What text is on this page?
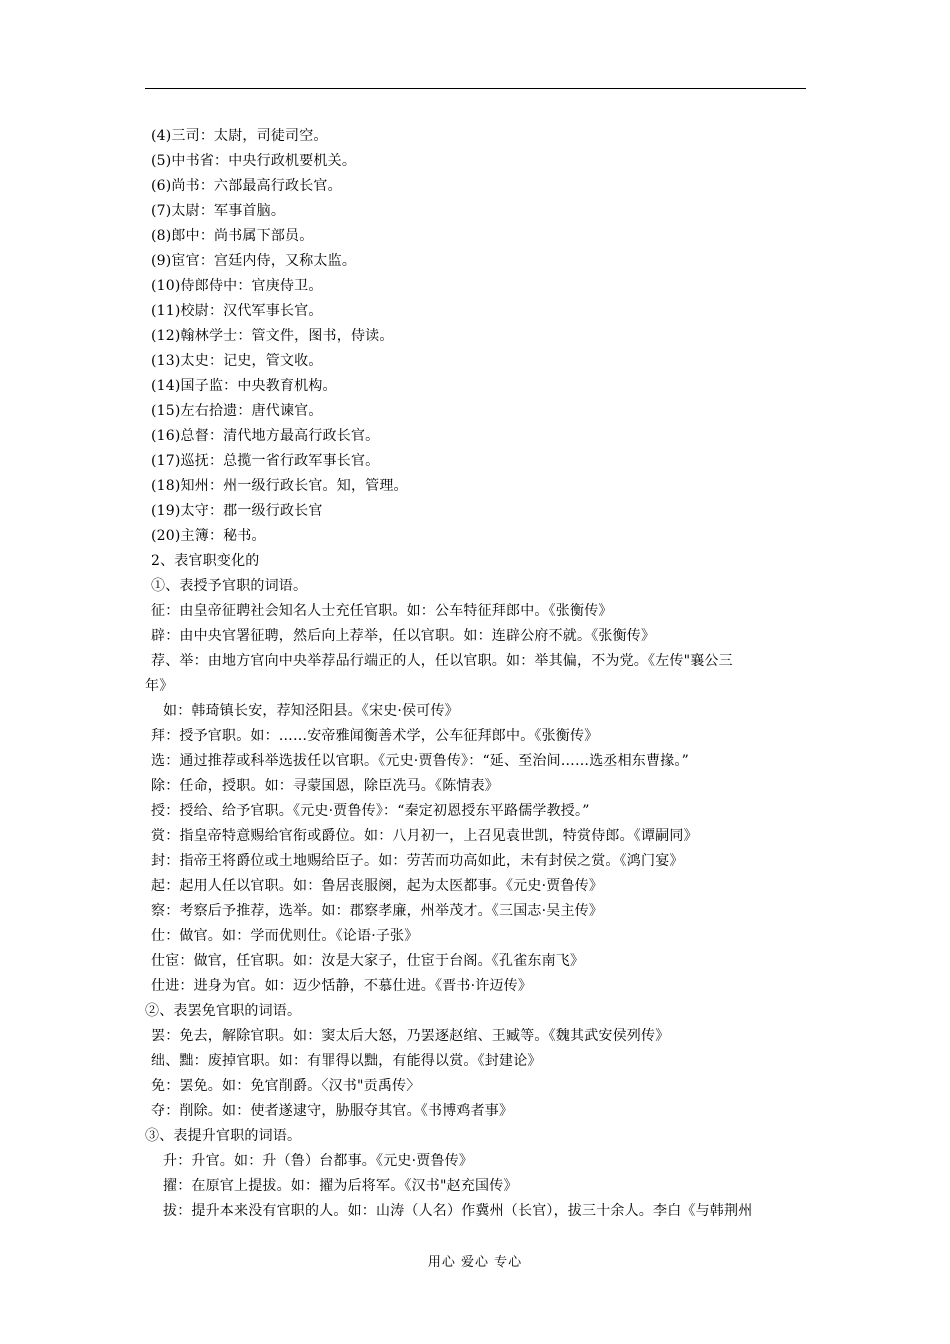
(4)三司：太尉，司徒司空。
(5)中书省：中央行政机要机关。
(6)尚书：六部最高行政长官。
(7)太尉：军事首脑。
(8)郎中：尚书属下部员。
(9)宦官：宫廷内侍，又称太监。
(10)侍郎侍中：官庚侍卫。
(11)校尉：汉代军事长官。
(12)翰林学士：管文件，图书，侍读。
(13)太史：记史，管文收。
(14)国子监：中央教育机构。
(15)左右拾遗：唐代谏官。
(16)总督：清代地方最高行政长官。
(17)巡抚：总揽一省行政军事长官。
(18)知州：州一级行政长官。知，管理。
(19)太守：郡一级行政长官
(20)主簿：秘书。
2、表官职变化的
①、表授予官职的词语。
征：由皇帝征聘社会知名人士充任官职。如：公车特征拜郎中。《张衡传》
辟：由中央官署征聘，然后向上荐举，任以官职。如：连辟公府不就。《张衡传》
荐、举：由地方官向中央举荐品行端正的人，任以官职。如：举其偏，不为党。《左传"襄公三
年》
如：韩琦镇长安，荐知泾阳县。《宋史·侯可传》
拜：授予官职。如：……安帝雅闻衡善术学，公车征拜郎中。《张衡传》
选：通过推荐或科举选拔任以官职。《元史·贾鲁传》：“延、至治间……选丞相东曹掾。”
除：任命，授职。如：寻蒙国恩，除臣冼马。《陈情表》
授：授给、给予官职。《元史·贾鲁传》：“秦定初恩授东平路儒学教授。”
赏：指皇帝特意赐给官衔或爵位。如：八月初一，上召见袁世凯，特赏侍郎。《谭嗣同》
封：指帝王将爵位或土地赐给臣子。如：劳苦而功高如此，未有封侯之赏。《鸿门宴》
起：起用人任以官职。如：鲁居丧服阕，起为太医都事。《元史·贾鲁传》
察：考察后予推荐，选举。如：郡察孝廉，州举茂才。《三国志·吴主传》
仕：做官。如：学而优则仕。《论语·子张》
仕宦：做官，任官职。如：汝是大家子，仕宦于台阁。《孔雀东南飞》
仕进：进身为官。如：迈少恬静，不慕仕进。《晋书·许迈传》
②、表罢免官职的词语。
罢：免去，解除官职。如：窦太后大怒，乃罢逐赵绾、王臧等。《魏其武安侯列传》
绌、黜：废掉官职。如：有罪得以黜，有能得以赏。《封建论》
免：罢免。如：免官削爵。〈汉书"贡禹传〉
夺：削除。如：使者遂逮守，胁服夺其官。《书博鸡者事》
③、表提升官职的词语。
升：升官。如：升（鲁）台都事。《元史·贾鲁传》
擢：在原官上提拔。如：擢为后将军。《汉书"赵充国传》
拔：提升本来没有官职的人。如：山涛（人名）作冀州（长官），拔三十余人。李白《与韩荆州
用心 爱心 专心
